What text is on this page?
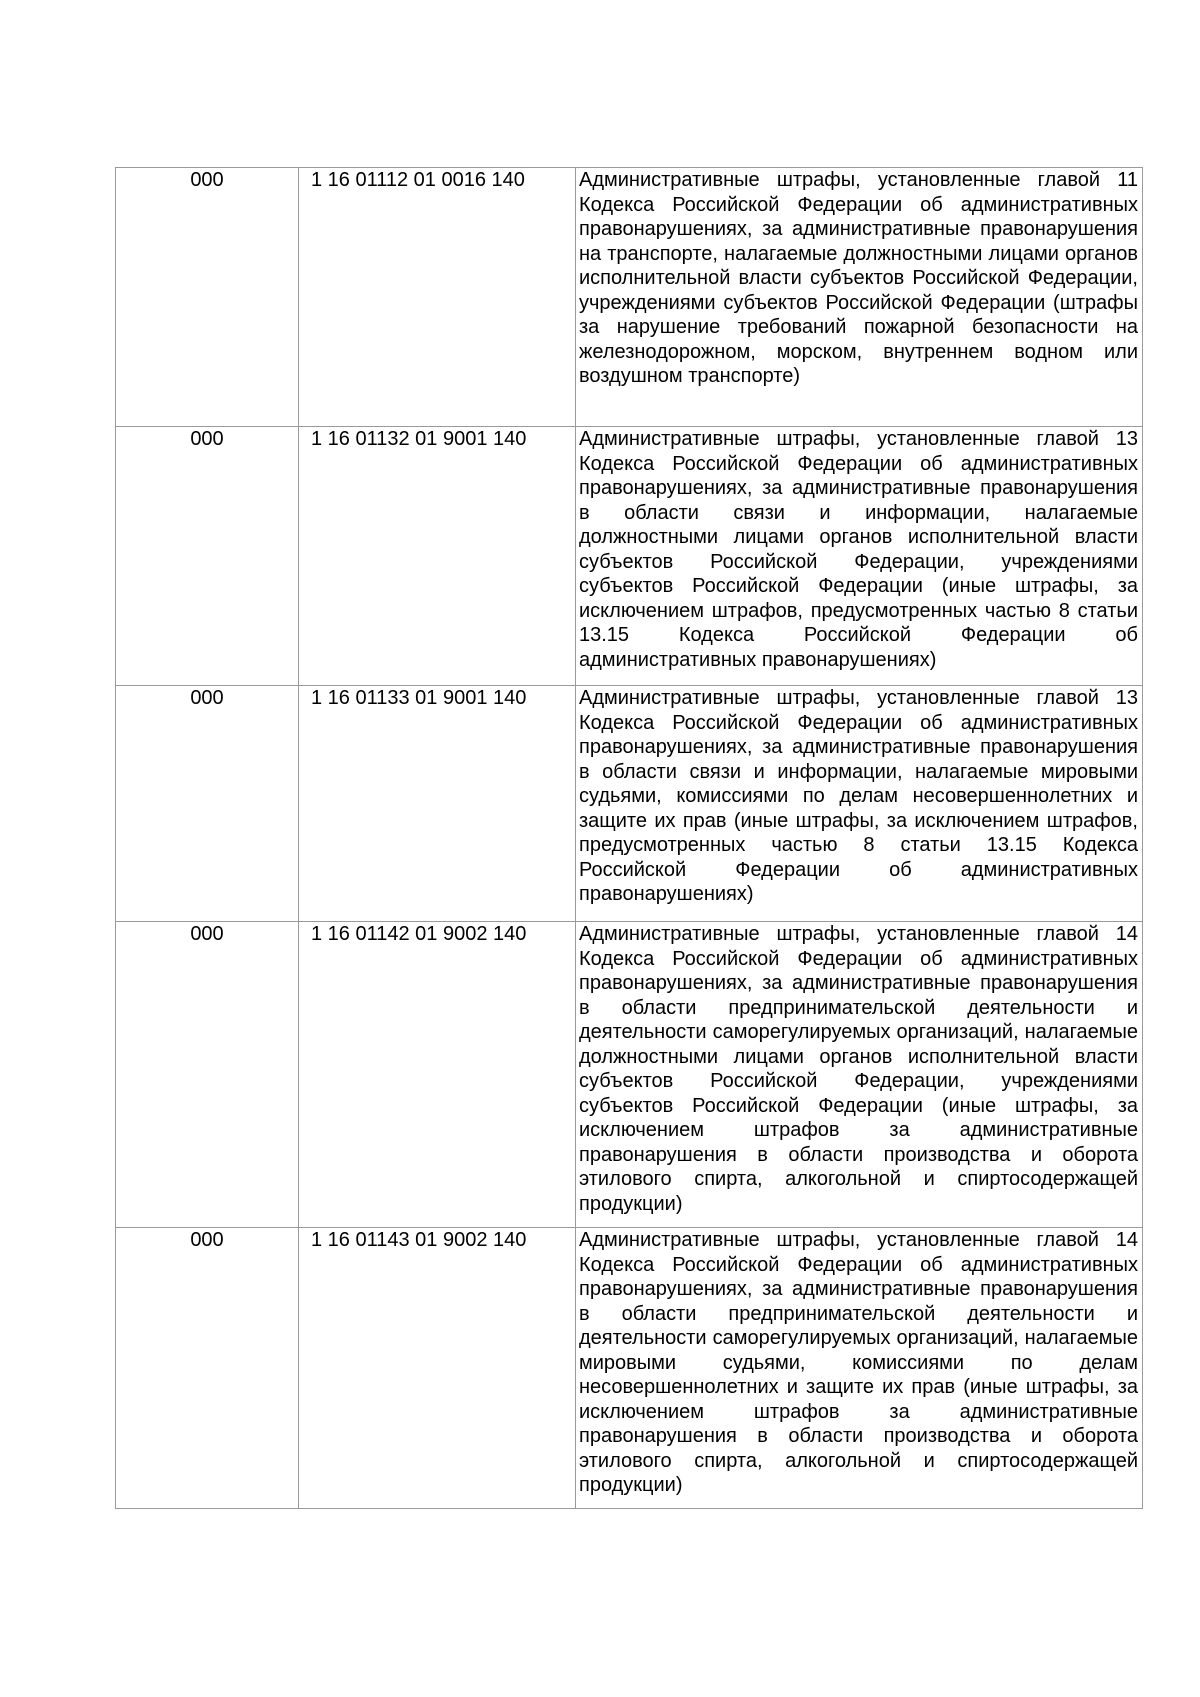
000	1 16 01112 01 0016 140	Административные штрафы, установленные главой 11 Кодекса Российской Федерации об административных правонарушениях, за административные правонарушения на транспорте, налагаемые должностными лицами органов исполнительной власти субъектов Российской Федерации, учреждениями субъектов Российской Федерации (штрафы за нарушение требований пожарной безопасности на железнодорожном, морском, внутреннем водном или воздушном транспорте)

000	1 16 01132 01 9001 140	Административные штрафы, установленные главой 13 Кодекса Российской Федерации об административных правонарушениях, за административные правонарушения в области связи и информации, налагаемые должностными лицами органов исполнительной власти субъектов Российской Федерации, учреждениями субъектов Российской Федерации (иные штрафы, за исключением штрафов, предусмотренных частью 8 статьи 13.15 Кодекса Российской Федерации об административных правонарушениях)

000	1 16 01133 01 9001 140	Административные штрафы, установленные главой 13 Кодекса Российской Федерации об административных правонарушениях, за административные правонарушения в области связи и информации, налагаемые мировыми судьями, комиссиями по делам несовершеннолетних и защите их прав (иные штрафы, за исключением штрафов, предусмотренных частью 8 статьи 13.15 Кодекса Российской Федерации об административных правонарушениях)

000	1 16 01142 01 9002 140	Административные штрафы, установленные главой 14 Кодекса Российской Федерации об административных правонарушениях, за административные правонарушения в области предпринимательской деятельности и деятельности саморегулируемых организаций, налагаемые должностными лицами органов исполнительной власти субъектов Российской Федерации, учреждениями субъектов Российской Федерации (иные штрафы, за исключением штрафов за административные правонарушения в области производства и оборота этилового спирта, алкогольной и спиртосодержащей продукции)

000	1 16 01143 01 9002 140	Административные штрафы, установленные главой 14 Кодекса Российской Федерации об административных правонарушениях, за административные правонарушения в области предпринимательской деятельности и деятельности саморегулируемых организаций, налагаемые мировыми судьями, комиссиями по делам несовершеннолетних и защите их прав (иные штрафы, за исключением штрафов за административные правонарушения в области производства и оборота этилового спирта, алкогольной и спиртосодержащей продукции)
